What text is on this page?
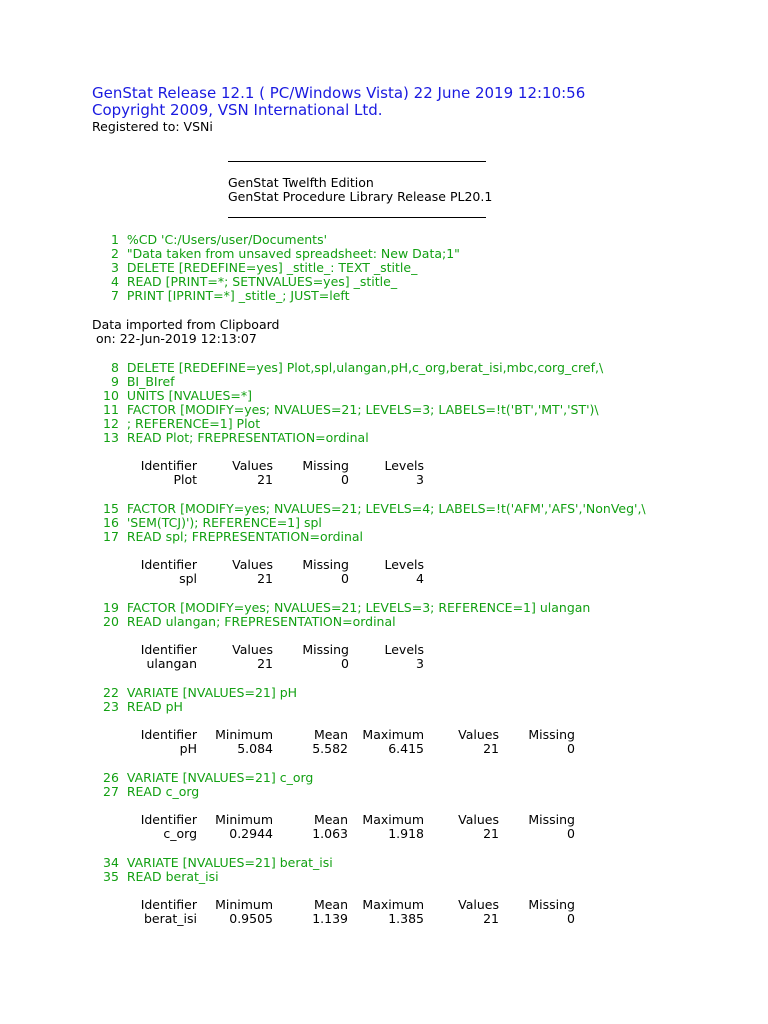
GenStat Release 12.1 ( PC/Windows Vista) 22 June 2019 12:10:56
Copyright 2009, VSN International Ltd.
Registered to: VSNi
GenStat Twelfth Edition
GenStat Procedure Library Release PL20.1
1  %CD 'C:/Users/user/Documents'
2  "Data taken from unsaved spreadsheet: New Data;1"
3  DELETE [REDEFINE=yes] _stitle_: TEXT _stitle_
4  READ [PRINT=*; SETNVALUES=yes] _stitle_
7  PRINT [IPRINT=*] _stitle_; JUST=left
Data imported from Clipboard
on: 22-Jun-2019 12:13:07
8  DELETE [REDEFINE=yes] Plot,spl,ulangan,pH,c_org,berat_isi,mbc,corg_cref,\
9  BI_BIref
10  UNITS [NVALUES=*]
11  FACTOR [MODIFY=yes; NVALUES=21; LEVELS=3; LABELS=!t('BT','MT','ST')\
12  ; REFERENCE=1] Plot
13  READ Plot; FREPRESENTATION=ordinal
Identifier	Values	Missing	Levels
Plot	21	0	3
15  FACTOR [MODIFY=yes; NVALUES=21; LEVELS=4; LABELS=!t('AFM','AFS','NonVeg',\
16  'SEM(TCJ)'); REFERENCE=1] spl
17  READ spl; FREPRESENTATION=ordinal
Identifier	Values	Missing	Levels
spl	21	0	4
19  FACTOR [MODIFY=yes; NVALUES=21; LEVELS=3; REFERENCE=1] ulangan
20  READ ulangan; FREPRESENTATION=ordinal
Identifier	Values	Missing	Levels
ulangan	21	0	3
22  VARIATE [NVALUES=21] pH
23  READ pH
Identifier	Minimum	Mean	Maximum	Values	Missing
pH	5.084	5.582	6.415	21	0
26  VARIATE [NVALUES=21] c_org
27  READ c_org
Identifier	Minimum	Mean	Maximum	Values	Missing
c_org	0.2944	1.063	1.918	21	0
34  VARIATE [NVALUES=21] berat_isi
35  READ berat_isi
Identifier	Minimum	Mean	Maximum	Values	Missing
berat_isi	0.9505	1.139	1.385	21	0
